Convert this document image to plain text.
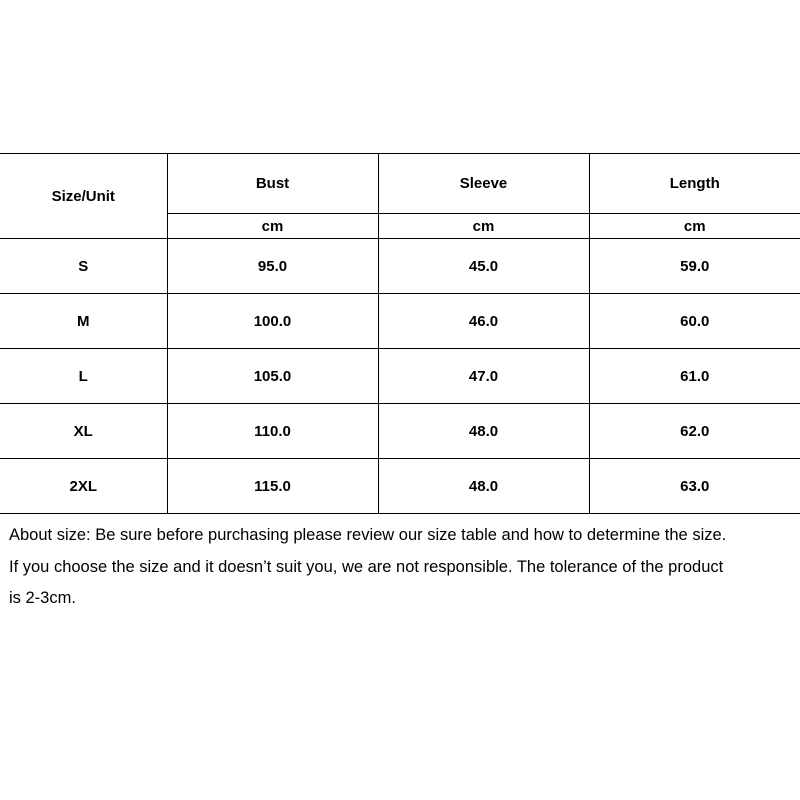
Size/Unit	Bust	Sleeve	Length
	cm	cm	cm
S	95.0	45.0	59.0
M	100.0	46.0	60.0
L	105.0	47.0	61.0
XL	110.0	48.0	62.0
2XL	115.0	48.0	63.0

About size: Be sure before purchasing please review our size table and how to determine the size.

If you choose the size and it doesn’t suit you, we are not responsible. The tolerance of the product

is 2-3cm.
